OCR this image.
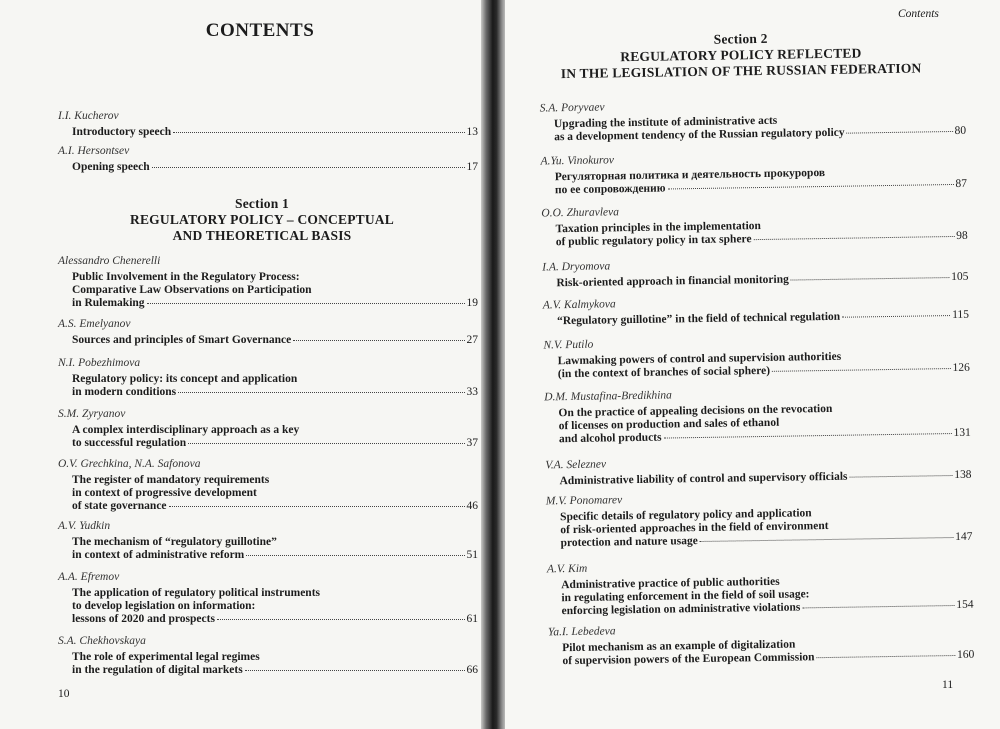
CONTENTS
I.I. Kucherov
Introductory speech	13
A.I. Hersontsev
Opening speech	17
Section 1
REGULATORY POLICY – CONCEPTUAL
AND THEORETICAL BASIS
Alessandro Chenerelli
Public Involvement in the Regulatory Process:
Comparative Law Observations on Participation
in Rulemaking	19
A.S. Emelyanov
Sources and principles of Smart Governance	27
N.I. Pobezhimova
Regulatory policy: its concept and application
in modern conditions	33
S.M. Zyryanov
A complex interdisciplinary approach as a key
to successful regulation	37
O.V. Grechkina, N.A. Safonova
The register of mandatory requirements
in context of progressive development
of state governance	46
A.V. Yudkin
The mechanism of “regulatory guillotine”
in context of administrative reform	51
A.A. Efremov
The application of regulatory political instruments
to develop legislation on information:
lessons of 2020 and prospects	61
S.A. Chekhovskaya
The role of experimental legal regimes
in the regulation of digital markets	66
10
Contents
Section 2
REGULATORY POLICY REFLECTED
IN THE LEGISLATION OF THE RUSSIAN FEDERATION
S.A. Poryvaev
Upgrading the institute of administrative acts
as a development tendency of the Russian regulatory policy	80
A.Yu. Vinokurov
Регуляторная политика и деятельность прокуроров
по ее сопровождению	87
O.O. Zhuravleva
Taxation principles in the implementation
of public regulatory policy in tax sphere	98
I.A. Dryomova
Risk-oriented approach in financial monitoring	105
A.V. Kalmykova
“Regulatory guillotine” in the field of technical regulation	115
N.V. Putilo
Lawmaking powers of control and supervision authorities
(in the context of branches of social sphere)	126
D.M. Mustafina-Bredikhina
On the practice of appealing decisions on the revocation
of licenses on production and sales of ethanol
and alcohol products	131
V.A. Seleznev
Administrative liability of control and supervisory officials	138
M.V. Ponomarev
Specific details of regulatory policy and application
of risk-oriented approaches in the field of environment
protection and nature usage	147
A.V. Kim
Administrative practice of public authorities
in regulating enforcement in the field of soil usage:
enforcing legislation on administrative violations	154
Ya.I. Lebedeva
Pilot mechanism as an example of digitalization
of supervision powers of the European Commission	160
11
